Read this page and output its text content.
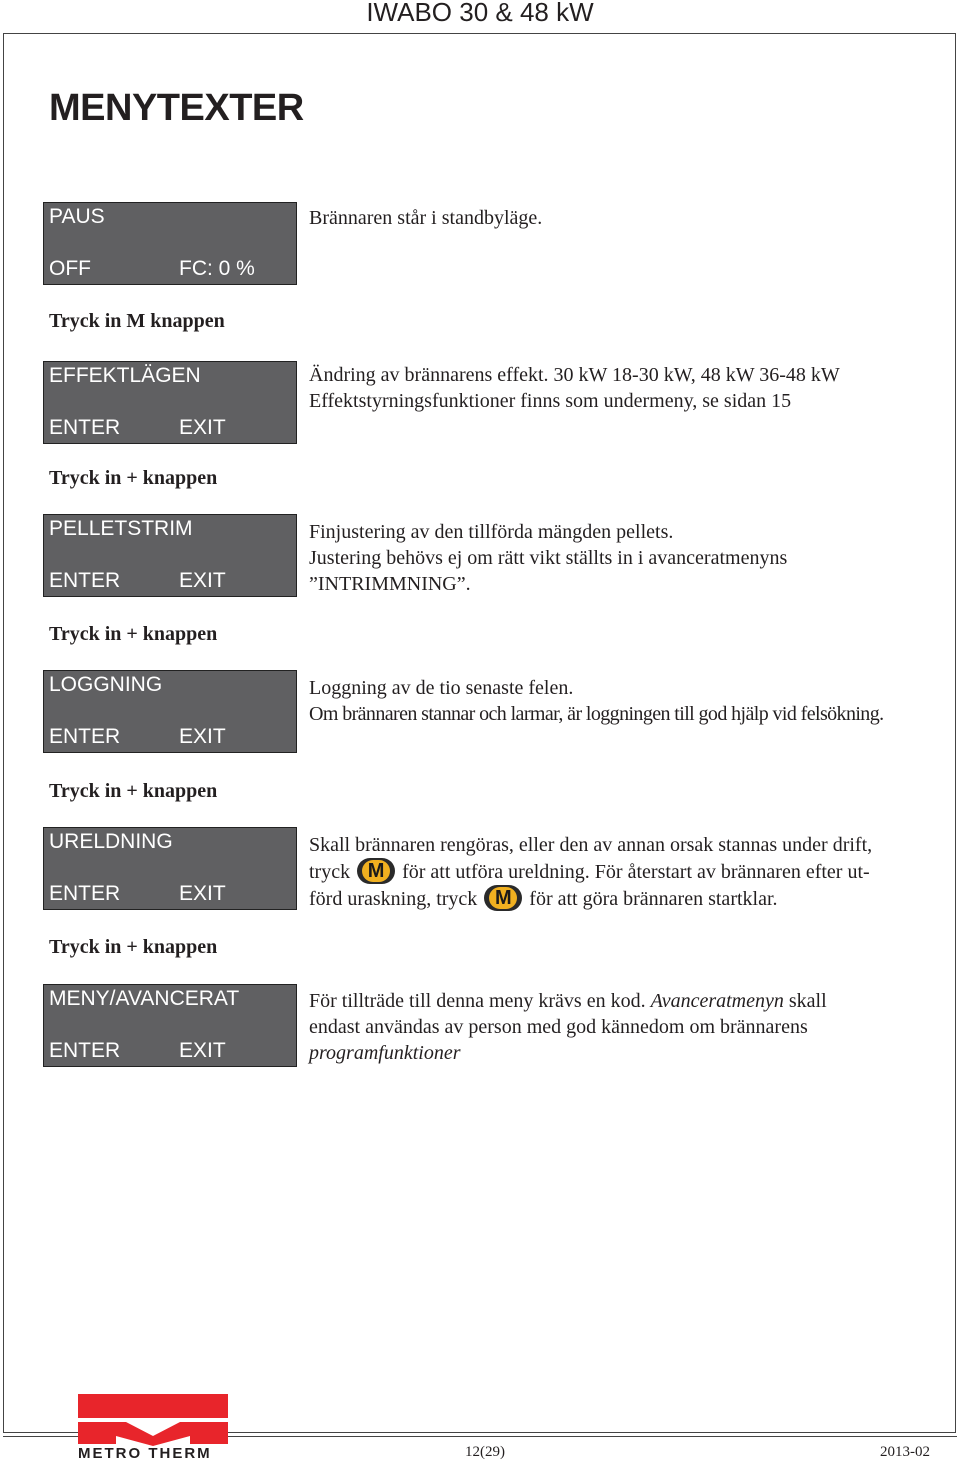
IWABO 30 & 48 kW
MENYTEXTER
PAUS
OFF	FC: 0 %
Brännaren står i standbyläge.
Tryck in M knappen
EFFEKTLÄGEN
ENTER	EXIT
Ändring av brännarens effekt. 30 kW 18-30 kW, 48 kW 36-48 kW
Effektstyrningsfunktioner finns som undermeny, se sidan 15
Tryck in + knappen
PELLETSTRIM
ENTER	EXIT
Finjustering av den tillförda mängden pellets.
Justering behövs ej om rätt vikt ställts in i avanceratmenyns
”INTRIMMNING”.
Tryck in + knappen
LOGGNING
ENTER	EXIT
Loggning av de tio senaste felen.
Om brännaren stannar och larmar, är loggningen till god hjälp vid felsökning.
Tryck in + knappen
URELDNING
ENTER	EXIT
Skall brännaren rengöras, eller den av annan orsak stannas under drift,
tryck M för att utföra ureldning. För återstart av brännaren efter ut-
förd uraskning, tryck M för att göra brännaren startklar.
Tryck in + knappen
MENY/AVANCERAT
ENTER	EXIT
För tillträde till denna meny krävs en kod. Avanceratmenyn skall
endast användas av person med god kännedom om brännarens
programfunktioner
METRO THERM	12(29)	2013-02
